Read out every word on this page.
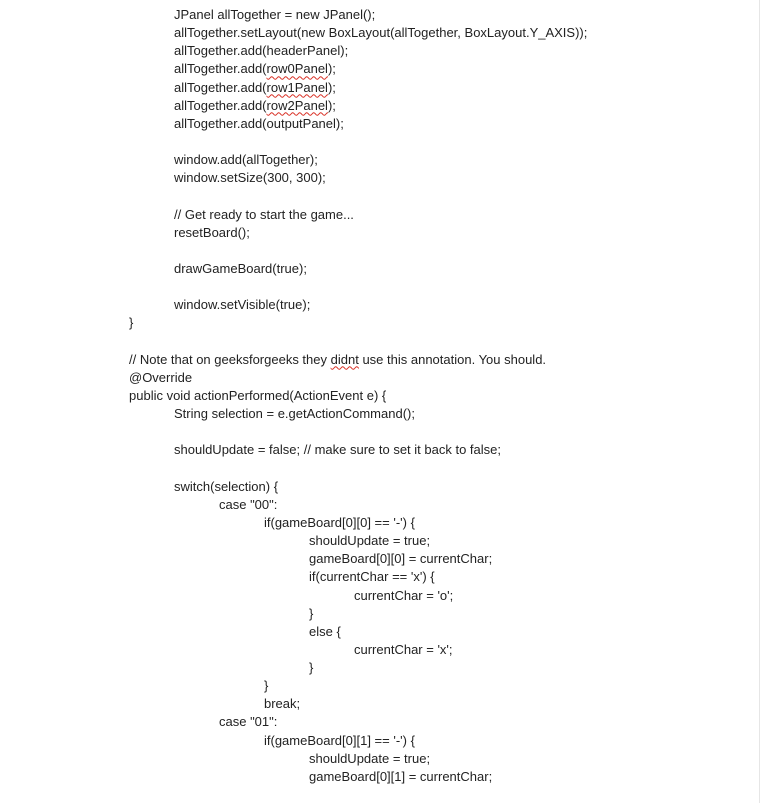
JPanel allTogether = new JPanel();
allTogether.setLayout(new BoxLayout(allTogether, BoxLayout.Y_AXIS));
allTogether.add(headerPanel);
allTogether.add(row0Panel);
allTogether.add(row1Panel);
allTogether.add(row2Panel);
allTogether.add(outputPanel);
window.add(allTogether);
window.setSize(300, 300);
// Get ready to start the game...
resetBoard();
drawGameBoard(true);
window.setVisible(true);
}
// Note that on geeksforgeeks they didnt use this annotation. You should.
@Override
public void actionPerformed(ActionEvent e) {
String selection = e.getActionCommand();
shouldUpdate = false; // make sure to set it back to false;
switch(selection) {
case "00":
if(gameBoard[0][0] == '-') {
shouldUpdate = true;
gameBoard[0][0] = currentChar;
if(currentChar == 'x') {
currentChar = 'o';
}
else {
currentChar = 'x';
}
}
break;
case "01":
if(gameBoard[0][1] == '-') {
shouldUpdate = true;
gameBoard[0][1] = currentChar;
